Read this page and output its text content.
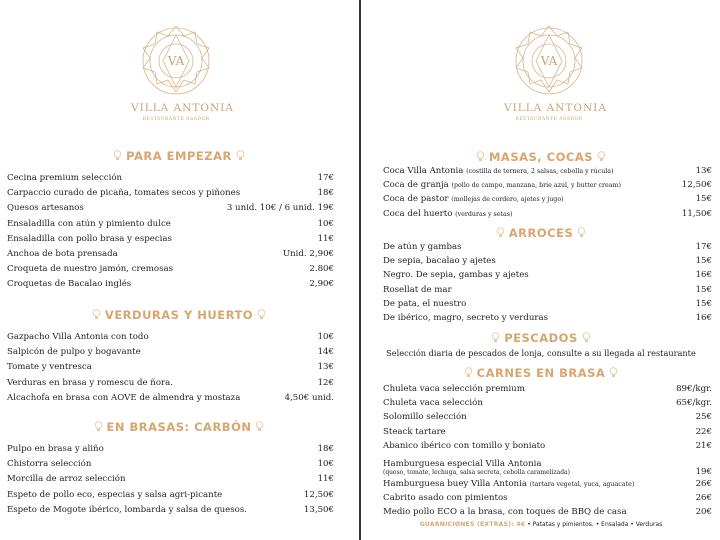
VA
VILLA ANTONIA
RESTAURANTE ASADOR
PARA EMPEZAR
Cecina premium selección	17€
Carpaccio curado de picaña, tomates secos y piñones	18€
Quesos artesanos	3 unid. 10€ / 6 unid. 19€
Ensaladilla con atún y pimiento dulce	10€
Ensaladilla con pollo brasa y especias	11€
Anchoa de bota prensada	Unid. 2,90€
Croqueta de nuestro jamón, cremosas	2.80€
Croquetas de Bacalao inglés	2,90€
VERDURAS Y HUERTO
Gazpacho Villa Antonia con todo	10€
Salpicón de pulpo y bogavante	14€
Tomate y ventresca	13€
Verduras en brasa y romescu de ñora.	12€
Alcachofa en brasa con AOVE de almendra y mostaza	4,50€ unid.
EN BRASAS: CARBÓN
Pulpo en brasa y aliño	18€
Chistorra selección	10€
Morcilla de arroz selección	11€
Espeto de pollo eco, especias y salsa agri-picante	12,50€
Espeto de Mogote ibérico, lombarda y salsa de quesos.	13,50€
VA
VILLA ANTONIA
RESTAURANTE ASADOR
MASAS, COCAS
Coca Villa Antonia (costilla de ternera, 2 salsas, cebolla y rúcula)	13€
Coca de granja (pollo de campo, manzana, brie azul, y butter cream)	12,50€
Coca de pastor (mollejas de cordero, ajetes y jugo)	15€
Coca del huerto (verduras y setas)	11,50€
ARROCES
De atún y gambas	17€
De sepia, bacalao y ajetes	15€
Negro. De sepia, gambas y ajetes	16€
Rosellat de mar	15€
De pata, el nuestro	15€
De ibérico, magro, secreto y verduras	16€
PESCADOS
Selección diaria de pescados de lonja, consulte a su llegada al restaurante
CARNES EN BRASA
Chuleta vaca selección premium	89€/kgr.
Chuleta vaca selección	65€/kgr.
Solomillo selección	25€
Steack tartare	22€
Abanico ibérico con tomillo y boniato	21€
Hamburguesa especial Villa Antonia
(queso, tomate, lechuga, salsa secreta, cebolla caramelizada)	19€
Hamburguesa buey Villa Antonia (tartara vegetal, yuca, aguacate)	26€
Cabrito asado con pimientos	26€
Medio pollo ECO a la brasa, con toques de BBQ de casa	20€
GUARNICIONES (EXTRAS): 4€ • Patatas y pimientos. • Ensalada • Verduras
